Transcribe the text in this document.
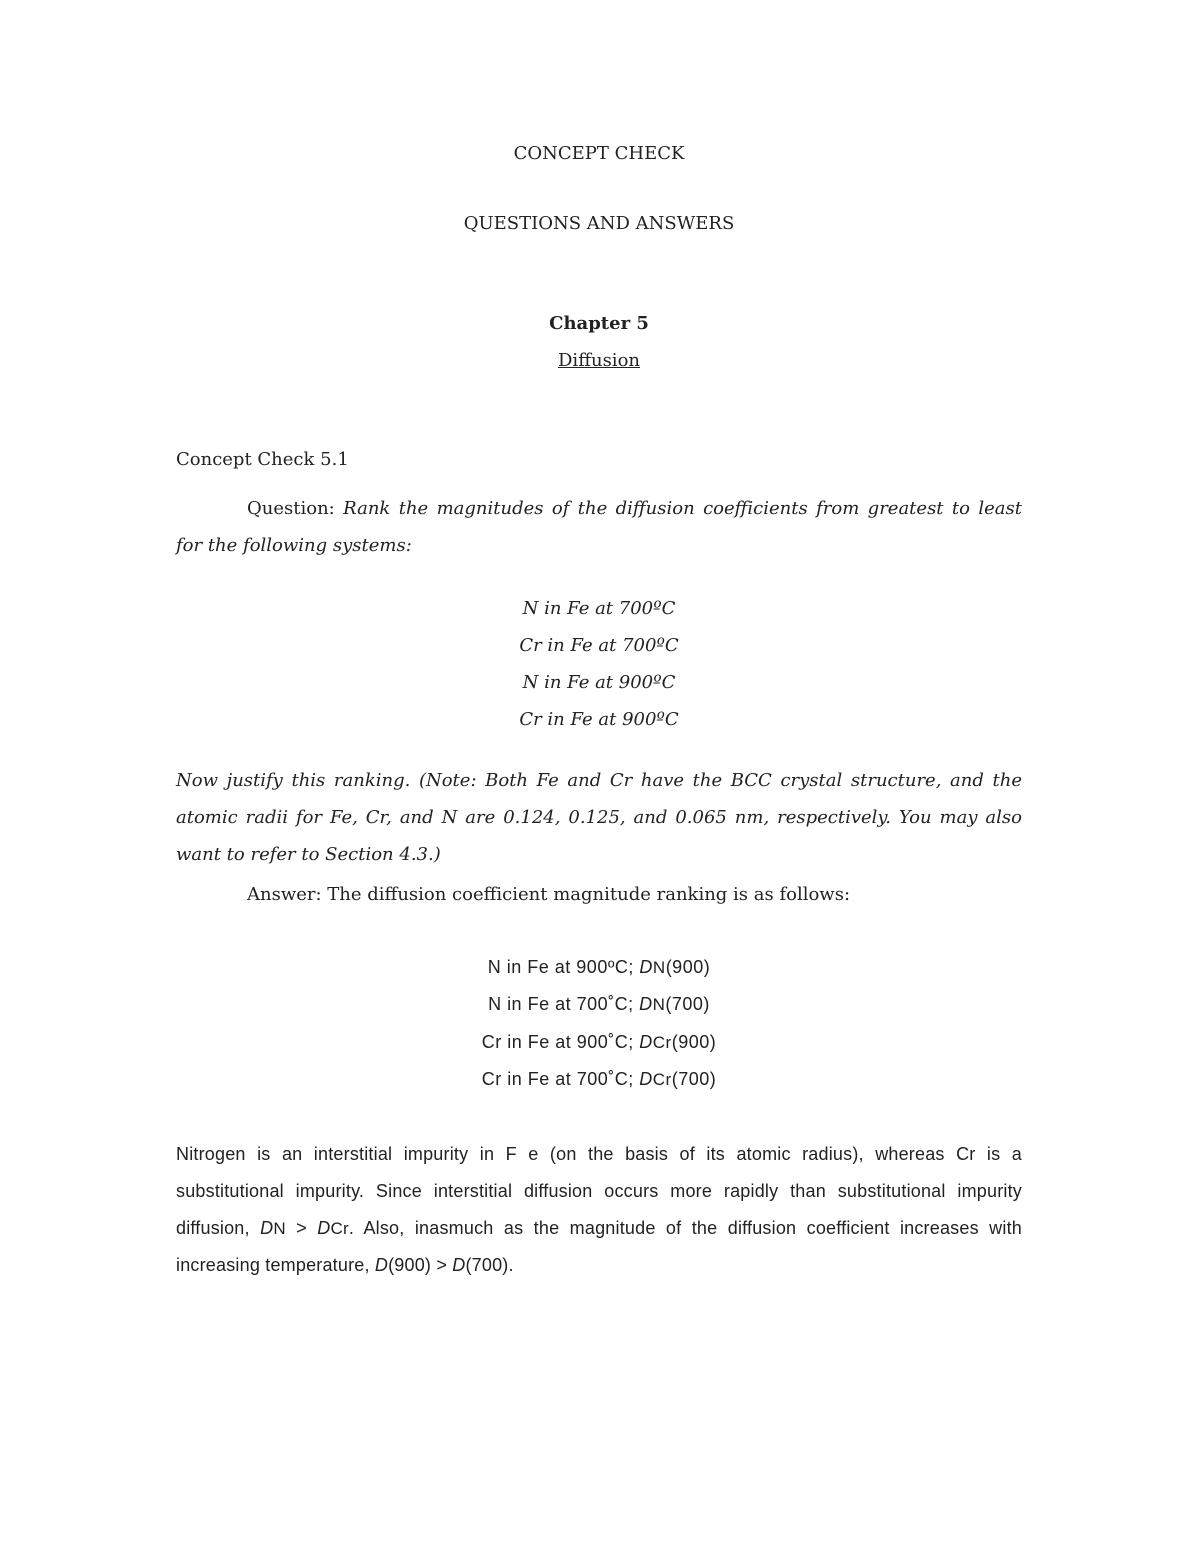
CONCEPT CHECK
QUESTIONS AND ANSWERS
Chapter 5
Diffusion
Concept Check 5.1
Question: Rank the magnitudes of the diffusion coefficients from greatest to least for the following systems:
N in Fe at 700ºC
Cr in Fe at 700ºC
N in Fe at 900ºC
Cr in Fe at 900ºC
Now justify this ranking. (Note: Both Fe and Cr have the BCC crystal structure, and the atomic radii for Fe, Cr, and N are 0.124, 0.125, and 0.065 nm, respectively. You may also want to refer to Section 4.3.)
Answer: The diffusion coefficient magnitude ranking is as follows:
N in Fe at 900ºC; DN(900)
N in Fe at 700˚C; DN(700)
Cr in Fe at 900˚C; DCr(900)
Cr in Fe at 700˚C; DCr(700)
Nitrogen is an interstitial impurity in F e (on the basis of its atomic radius), whereas Cr is a substitutional impurity. Since interstitial diffusion occurs more rapidly than substitutional impurity diffusion, DN > DCr. Also, inasmuch as the magnitude of the diffusion coefficient increases with increasing temperature, D(900) > D(700).
